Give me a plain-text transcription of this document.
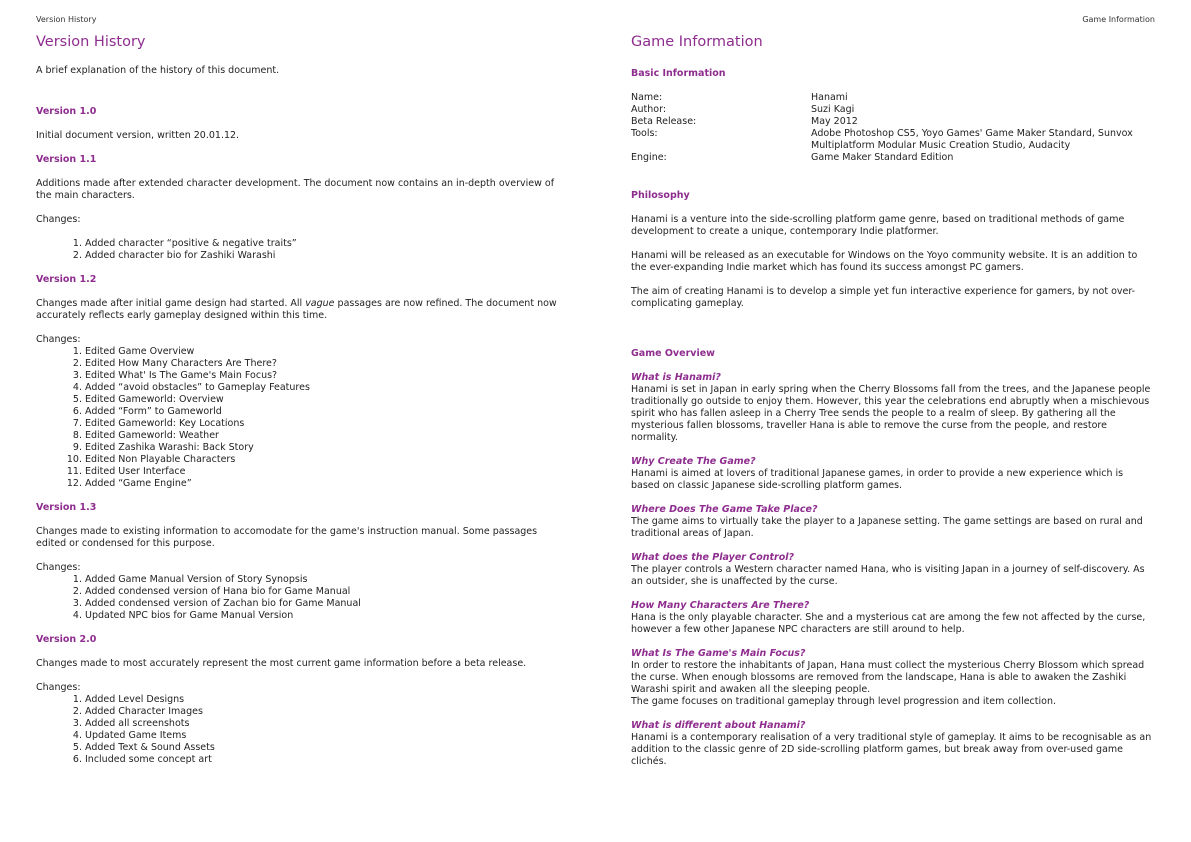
Version History
Version History
A brief explanation of the history of this document.
Version 1.0
Initial document version, written 20.01.12.
Version 1.1
Additions made after extended character development. The document now contains an in-depth overview of the main characters.
Changes:
1. Added character “positive & negative traits”
2. Added character bio for Zashiki Warashi
Version 1.2
Changes made after initial game design had started. All vague passages are now refined. The document now accurately reflects early gameplay designed within this time.
Changes:
1. Edited Game Overview
2. Edited How Many Characters Are There?
3. Edited What' Is The Game's Main Focus?
4. Added “avoid obstacles” to Gameplay Features
5. Edited Gameworld: Overview
6. Added “Form” to Gameworld
7. Edited Gameworld: Key Locations
8. Edited Gameworld: Weather
9. Edited Zashika Warashi: Back Story
10. Edited Non Playable Characters
11. Edited User Interface
12. Added “Game Engine”
Version 1.3
Changes made to existing information to accomodate for the game's instruction manual. Some passages edited or condensed for this purpose.
Changes:
1. Added Game Manual Version of Story Synopsis
2. Added condensed version of Hana bio for Game Manual
3. Added condensed version of Zachan bio for Game Manual
4. Updated NPC bios for Game Manual Version
Version 2.0
Changes made to most accurately represent the most current game information before a beta release.
Changes:
1. Added Level Designs
2. Added Character Images
3. Added all screenshots
4. Updated Game Items
5. Added Text & Sound Assets
6. Included some concept art
Game Information
Game Information
Basic Information
Name:	Hanami
Author:	Suzi Kagi
Beta Release:	May 2012
Tools:	Adobe Photoshop CS5, Yoyo Games' Game Maker Standard, Sunvox Multiplatform Modular Music Creation Studio, Audacity
Engine:	Game Maker Standard Edition
Philosophy
Hanami is a venture into the side-scrolling platform game genre, based on traditional methods of game development to create a unique, contemporary Indie platformer.
Hanami will be released as an executable for Windows on the Yoyo community website. It is an addition to the ever-expanding Indie market which has found its success amongst PC gamers.
The aim of creating Hanami is to develop a simple yet fun interactive experience for gamers, by not over-complicating gameplay.
Game Overview
What is Hanami?
Hanami is set in Japan in early spring when the Cherry Blossoms fall from the trees, and the Japanese people traditionally go outside to enjoy them. However, this year the celebrations end abruptly when a mischievous spirit who has fallen asleep in a Cherry Tree sends the people to a realm of sleep. By gathering all the mysterious fallen blossoms, traveller Hana is able to remove the curse from the people, and restore normality.
Why Create The Game?
Hanami is aimed at lovers of traditional Japanese games, in order to provide a new experience which is based on classic Japanese side-scrolling platform games.
Where Does The Game Take Place?
The game aims to virtually take the player to a Japanese setting. The game settings are based on rural and traditional areas of Japan.
What does the Player Control?
The player controls a Western character named Hana, who is visiting Japan in a journey of self-discovery. As an outsider, she is unaffected by the curse.
How Many Characters Are There?
Hana is the only playable character. She and a mysterious cat are among the few not affected by the curse, however a few other Japanese NPC characters are still around to help.
What Is The Game's Main Focus?
In order to restore the inhabitants of Japan, Hana must collect the mysterious Cherry Blossom which spread the curse. When enough blossoms are removed from the landscape, Hana is able to awaken the Zashiki Warashi spirit and awaken all the sleeping people.
The game focuses on traditional gameplay through level progression and item collection.
What is different about Hanami?
Hanami is a contemporary realisation of a very traditional style of gameplay. It aims to be recognisable as an addition to the classic genre of 2D side-scrolling platform games, but break away from over-used game clichés.
